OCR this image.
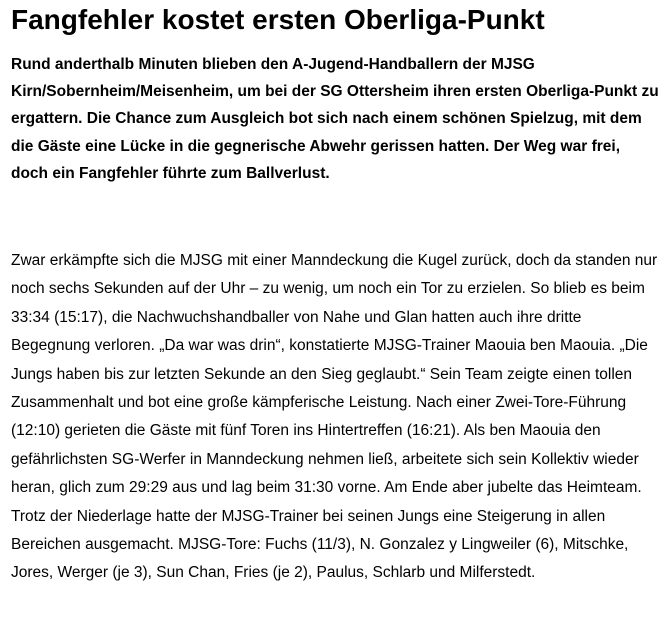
Fangfehler kostet ersten Oberliga-Punkt

Rund anderthalb Minuten blieben den A-Jugend-Handballern der MJSG Kirn/Sobernheim/Meisenheim, um bei der SG Ottersheim ihren ersten Oberliga-Punkt zu ergattern. Die Chance zum Ausgleich bot sich nach einem schönen Spielzug, mit dem die Gäste eine Lücke in die gegnerische Abwehr gerissen hatten. Der Weg war frei, doch ein Fangfehler führte zum Ballverlust.

Zwar erkämpfte sich die MJSG mit einer Manndeckung die Kugel zurück, doch da standen nur noch sechs Sekunden auf der Uhr – zu wenig, um noch ein Tor zu erzielen. So blieb es beim 33:34 (15:17), die Nachwuchshandballer von Nahe und Glan hatten auch ihre dritte Begegnung verloren. „Da war was drin“, konstatierte MJSG-Trainer Maouia ben Maouia. „Die Jungs haben bis zur letzten Sekunde an den Sieg geglaubt.“ Sein Team zeigte einen tollen Zusammenhalt und bot eine große kämpferische Leistung. Nach einer Zwei-Tore-Führung (12:10) gerieten die Gäste mit fünf Toren ins Hintertreffen (16:21). Als ben Maouia den gefährlichsten SG-Werfer in Manndeckung nehmen ließ, arbeitete sich sein Kollektiv wieder heran, glich zum 29:29 aus und lag beim 31:30 vorne. Am Ende aber jubelte das Heimteam. Trotz der Niederlage hatte der MJSG-Trainer bei seinen Jungs eine Steigerung in allen Bereichen ausgemacht. MJSG-Tore: Fuchs (11/3), N. Gonzalez y Lingweiler (6), Mitschke, Jores, Werger (je 3), Sun Chan, Fries (je 2), Paulus, Schlarb und Milferstedt.
